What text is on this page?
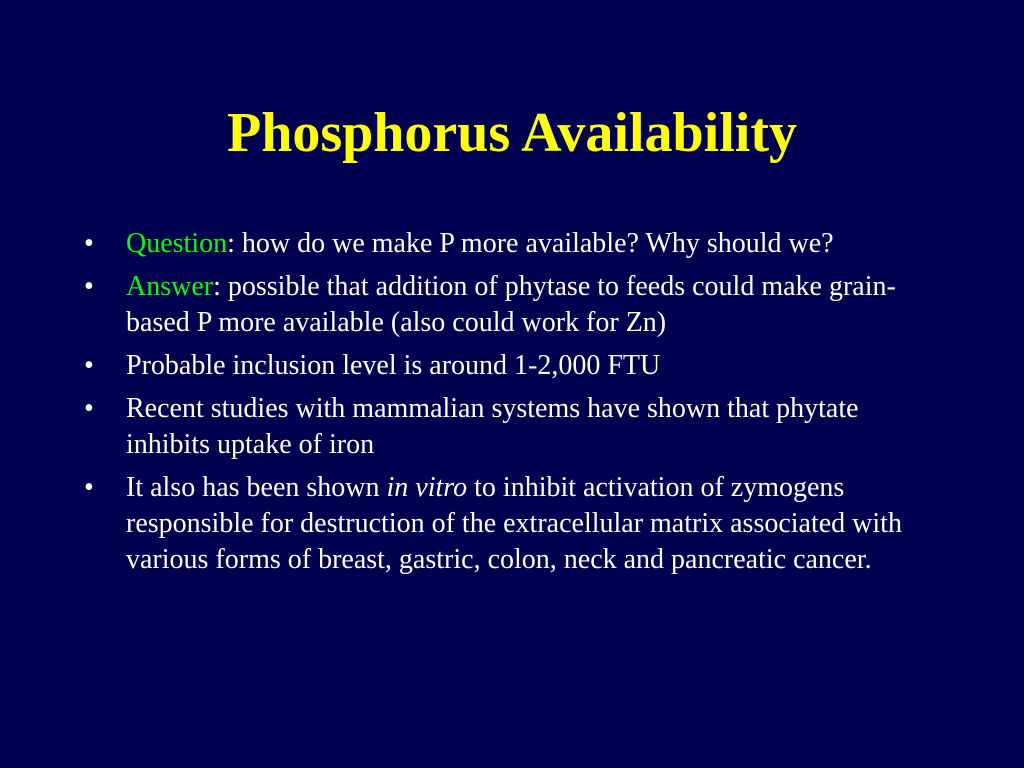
Phosphorus Availability
• Question: how do we make P more available? Why should we?
• Answer: possible that addition of phytase to feeds could make grain-based P more available (also could work for Zn)
• Probable inclusion level is around 1-2,000 FTU
• Recent studies with mammalian systems have shown that phytate inhibits uptake of iron
• It also has been shown in vitro to inhibit activation of zymogens responsible for destruction of the extracellular matrix associated with various forms of breast, gastric, colon, neck and pancreatic cancer.
